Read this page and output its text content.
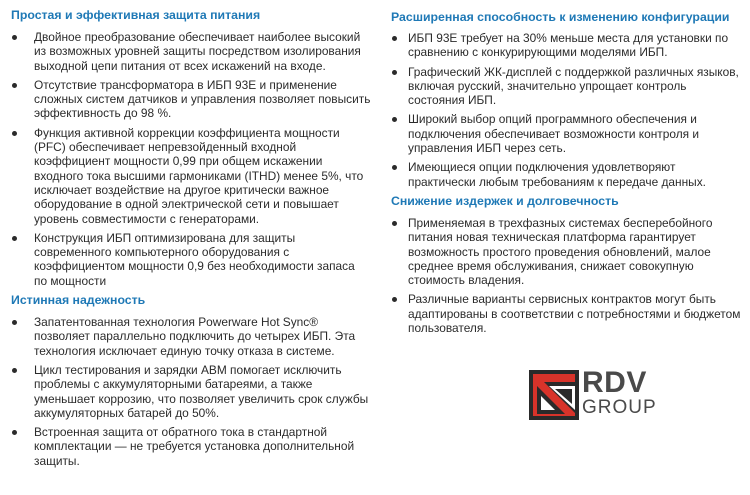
Простая и эффективная защита питания
Двойное преобразование обеспечивает наиболее высокий из возможных уровней защиты посредством изолирования выходной цепи питания от всех искажений на входе.
Отсутствие трансформатора в ИБП 93Е и применение сложных систем датчиков и управления позволяет повысить эффективность до 98 %.
Функция активной коррекции коэффициента мощности (PFC) обеспечивает непревзойденный входной коэффициент мощности 0,99 при общем искажении входного тока высшими гармониками (ITHD) менее 5%, что исключает воздействие на другое критически важное оборудование в одной электрической сети и повышает уровень совместимости с генераторами.
Конструкция ИБП оптимизирована для защиты современного компьютерного оборудования с коэффициентом мощности 0,9 без необходимости запаса по мощности
Истинная надежность
Запатентованная технология Powerware Hot Sync® позволяет параллельно подключить до четырех ИБП. Эта технология исключает единую точку отказа в системе.
Цикл тестирования и зарядки ABM помогает исключить проблемы с аккумуляторными батареями, а также уменьшает коррозию, что позволяет увеличить срок службы аккумуляторных батарей до 50%.
Встроенная защита от обратного тока в стандартной комплектации — не требуется установка дополнительной защиты.
Расширенная способность к изменению конфигурации
ИБП 93Е требует на 30% меньше места для установки по сравнению с конкурирующими моделями ИБП.
Графический ЖК-дисплей с поддержкой различных языков, включая русский, значительно упрощает контроль состояния ИБП.
Широкий выбор опций программного обеспечения и подключения обеспечивает возможности контроля и управления ИБП через сеть.
Имеющиеся опции подключения удовлетворяют практически любым требованиям к передаче данных.
Снижение издержек и долговечность
Применяемая в трехфазных системах бесперебойного питания новая техническая платформа гарантирует возможность простого проведения обновлений, малое среднее время обслуживания, снижает совокупную стоимость владения.
Различные варианты сервисных контрактов могут быть адаптированы в соответствии с потребностями и бюджетом пользователя.
RDV
GROUP
